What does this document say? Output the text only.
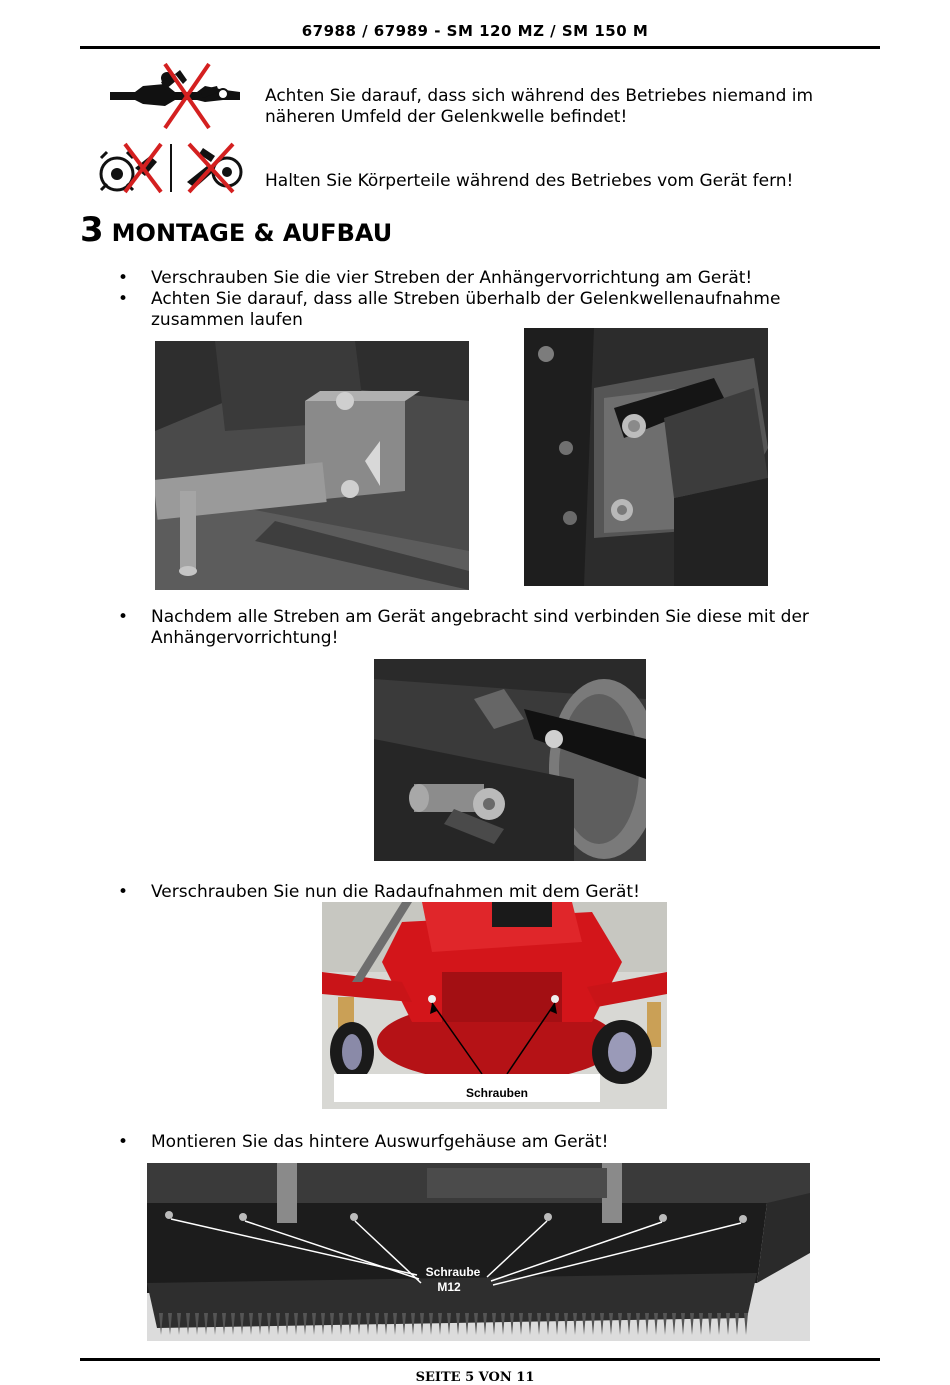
67988 / 67989 - SM 120 MZ / SM 150 M
Achten Sie darauf, dass sich während des Betriebes niemand im
näheren Umfeld der Gelenkwelle befindet!
Halten Sie Körperteile während des Betriebes vom Gerät fern!
3 MONTAGE & AUFBAU
• Verschrauben Sie die vier Streben der Anhängervorrichtung am Gerät!
• Achten Sie darauf, dass alle Streben überhalb der Gelenkwellenaufnahme
zusammen laufen
• Nachdem alle Streben am Gerät angebracht sind verbinden Sie diese mit der
Anhängervorrichtung!
• Verschrauben Sie nun die Radaufnahmen mit dem Gerät!
Schrauben
• Montieren Sie das hintere Auswurfgehäuse am Gerät!
Schraube
M12
SEITE 5 VON 11
